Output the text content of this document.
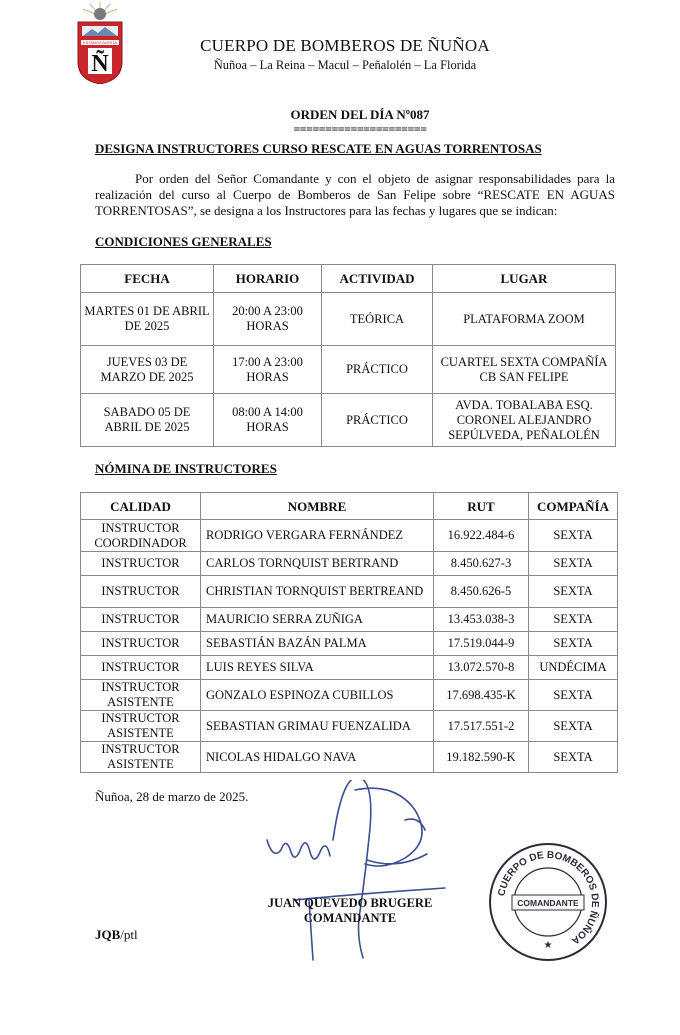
ESTAMOS ALERTA
Ñ
CUERPO DE BOMBEROS DE ÑUÑOA
Ñuñoa – La Reina – Macul – Peñalolén – La Florida
ORDEN DEL DÍA Nº087
=====================
DESIGNA INSTRUCTORES CURSO RESCATE EN AGUAS TORRENTOSAS
Por orden del Señor Comandante y con el objeto de asignar responsabilidades para la realización del curso al Cuerpo de Bomberos de San Felipe sobre “RESCATE EN AGUAS TORRENTOSAS”, se designa a los Instructores para las fechas y lugares que se indican:
CONDICIONES GENERALES
FECHA	HORARIO	ACTIVIDAD	LUGAR
MARTES 01 DE ABRIL DE 2025	20:00 A 23:00 HORAS	TEÓRICA	PLATAFORMA ZOOM
JUEVES 03 DE MARZO DE 2025	17:00 A 23:00 HORAS	PRÁCTICO	CUARTEL SEXTA COMPAÑÍA CB SAN FELIPE
SABADO 05 DE ABRIL DE 2025	08:00 A 14:00 HORAS	PRÁCTICO	AVDA. TOBALABA ESQ. CORONEL ALEJANDRO SEPÚLVEDA, PEÑALOLÉN
NÓMINA DE INSTRUCTORES
CALIDAD	NOMBRE	RUT	COMPAÑÍA
INSTRUCTOR COORDINADOR	RODRIGO VERGARA FERNÁNDEZ	16.922.484-6	SEXTA
INSTRUCTOR	CARLOS TORNQUIST BERTRAND	8.450.627-3	SEXTA
INSTRUCTOR	CHRISTIAN TORNQUIST BERTREAND	8.450.626-5	SEXTA
INSTRUCTOR	MAURICIO SERRA ZUÑIGA	13.453.038-3	SEXTA
INSTRUCTOR	SEBASTIÁN BAZÁN PALMA	17.519.044-9	SEXTA
INSTRUCTOR	LUIS REYES SILVA	13.072.570-8	UNDÉCIMA
INSTRUCTOR ASISTENTE	GONZALO ESPINOZA CUBILLOS	17.698.435-K	SEXTA
INSTRUCTOR ASISTENTE	SEBASTIAN GRIMAU FUENZALIDA	17.517.551-2	SEXTA
INSTRUCTOR ASISTENTE	NICOLAS HIDALGO NAVA	19.182.590-K	SEXTA
Ñuñoa, 28 de marzo de 2025.
JUAN QUEVEDO BRUGERE
COMANDANTE
JQB/ptl
CUERPO DE BOMBEROS DE ÑUÑOA
COMANDANTE
★
